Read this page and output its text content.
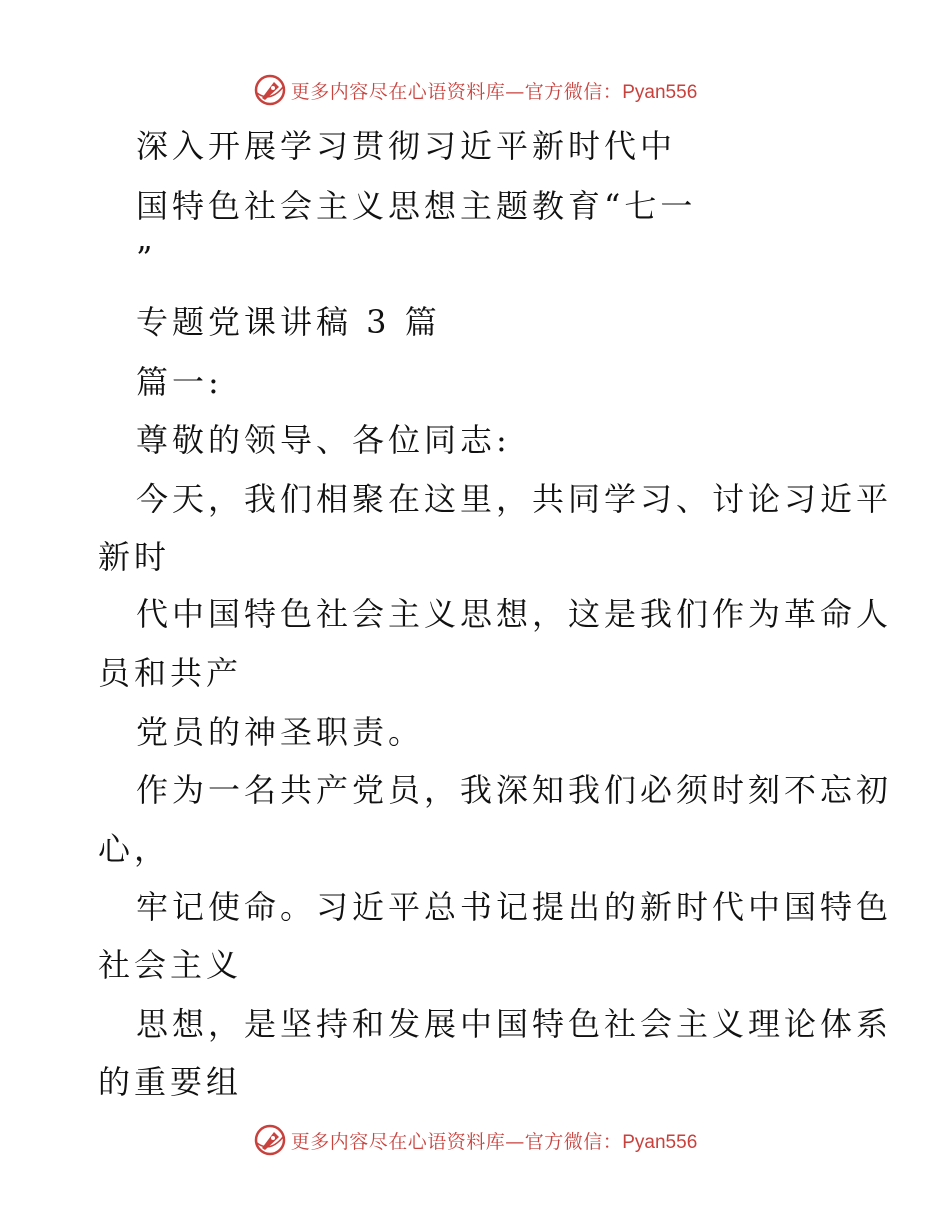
更多内容尽在心语资料库—官方微信：Pyan556
深入开展学习贯彻习近平新时代中
国特色社会主义思想主题教育“七一
”
专题党课讲稿 3 篇
篇一:
尊敬的领导、各位同志:
今天，我们相聚在这里，共同学习、讨论习近平
新时
代中国特色社会主义思想，这是我们作为革命人
员和共产
党员的神圣职责。
作为一名共产党员，我深知我们必须时刻不忘初
心，
牢记使命。习近平总书记提出的新时代中国特色
社会主义
思想，是坚持和发展中国特色社会主义理论体系
的重要组
更多内容尽在心语资料库—官方微信：Pyan556
